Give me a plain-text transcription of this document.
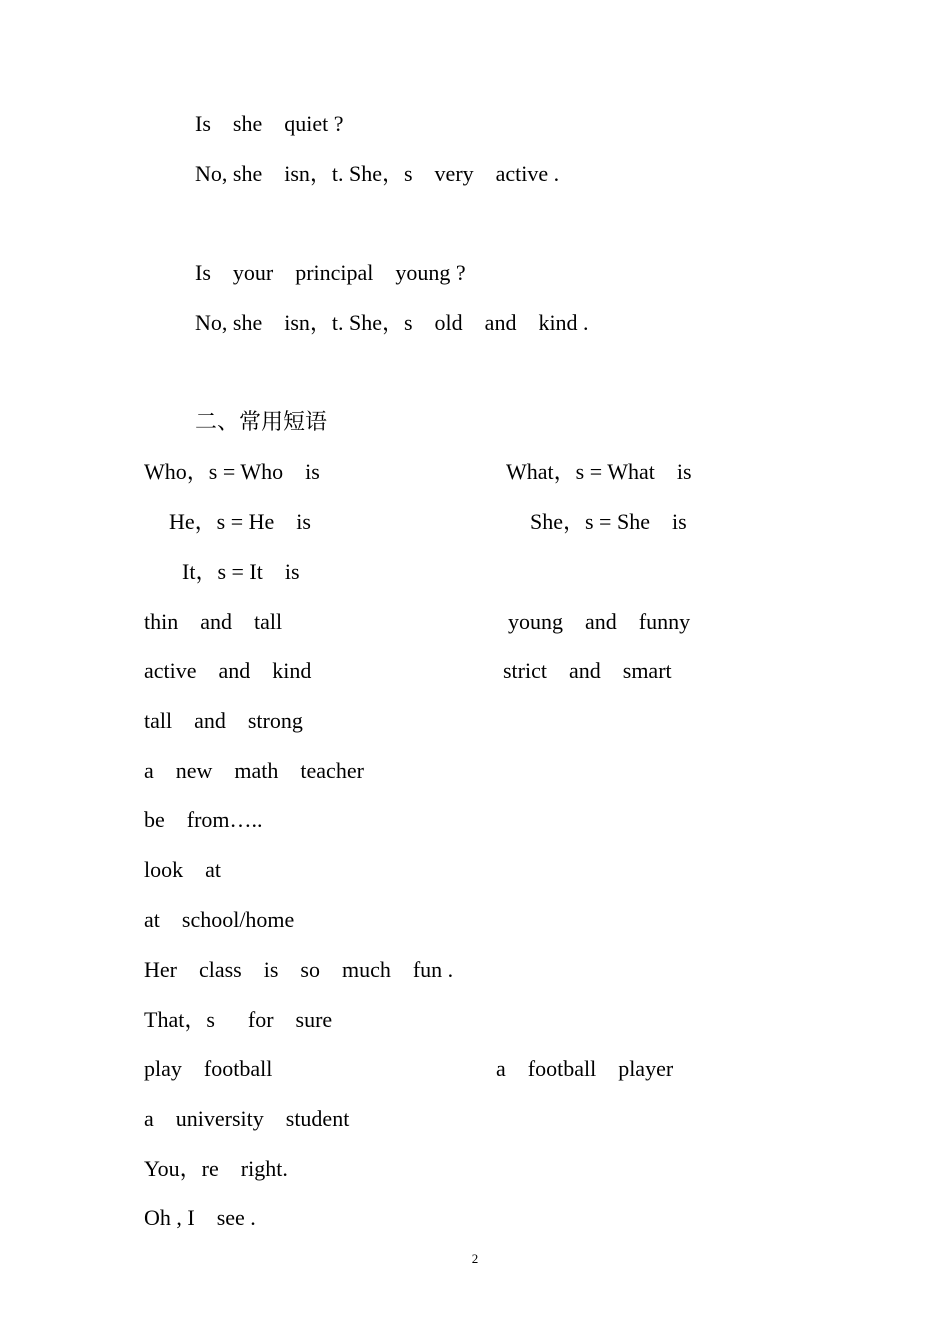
Is    she    quiet ?
No, she    isn，t. She，s    very    active .
Is    your    principal    young ?
No, she    isn，t. She，s    old    and    kind .
二、常用短语
Who，s = Who    is	What，s = What    is
He，s = He    is	She，s = She    is
It，s = It    is
thin    and    tall	young    and    funny
active    and    kind	strict    and    smart
tall    and    strong
a    new    math    teacher
be    from…..
look    at
at    school/home
Her    class    is    so    much    fun .
That，s      for    sure
play    football	a    football    player
a    university    student
You，re    right.
Oh , I    see .
2
